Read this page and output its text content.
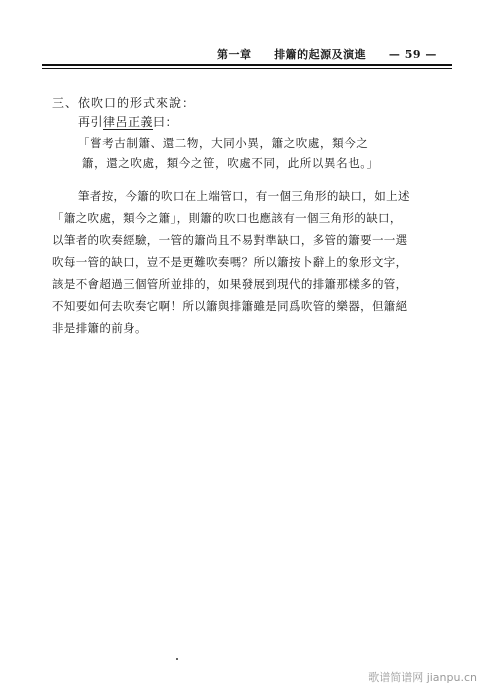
第一章 排簫的起源及演進 — 59 —
三、依吹口的形式來說：
再引律呂正義曰：
「嘗考古制簫、還二物，大同小異，簫之吹處，類今之
簫，還之吹處，類今之笹，吹處不同，此所以異名也。」
筆者按，今簫的吹口在上端管口，有一個三角形的缺口，如上述
「簫之吹處，類今之簫」，則簫的吹口也應該有一個三角形的缺口，
以筆者的吹奏經驗，一管的簫尚且不易對準缺口，多管的簫要一一選
吹每一管的缺口，豈不是更難吹奏嗎？所以簫按卜辭上的象形文字，
該是不會超過三個管所並排的，如果發展到現代的排簫那樣多的管，
不知要如何去吹奏它啊！所以簫與排簫雖是同爲吹管的樂器，但簫絕
非是排簫的前身。
歌谱简谱网 jianpu.cn
